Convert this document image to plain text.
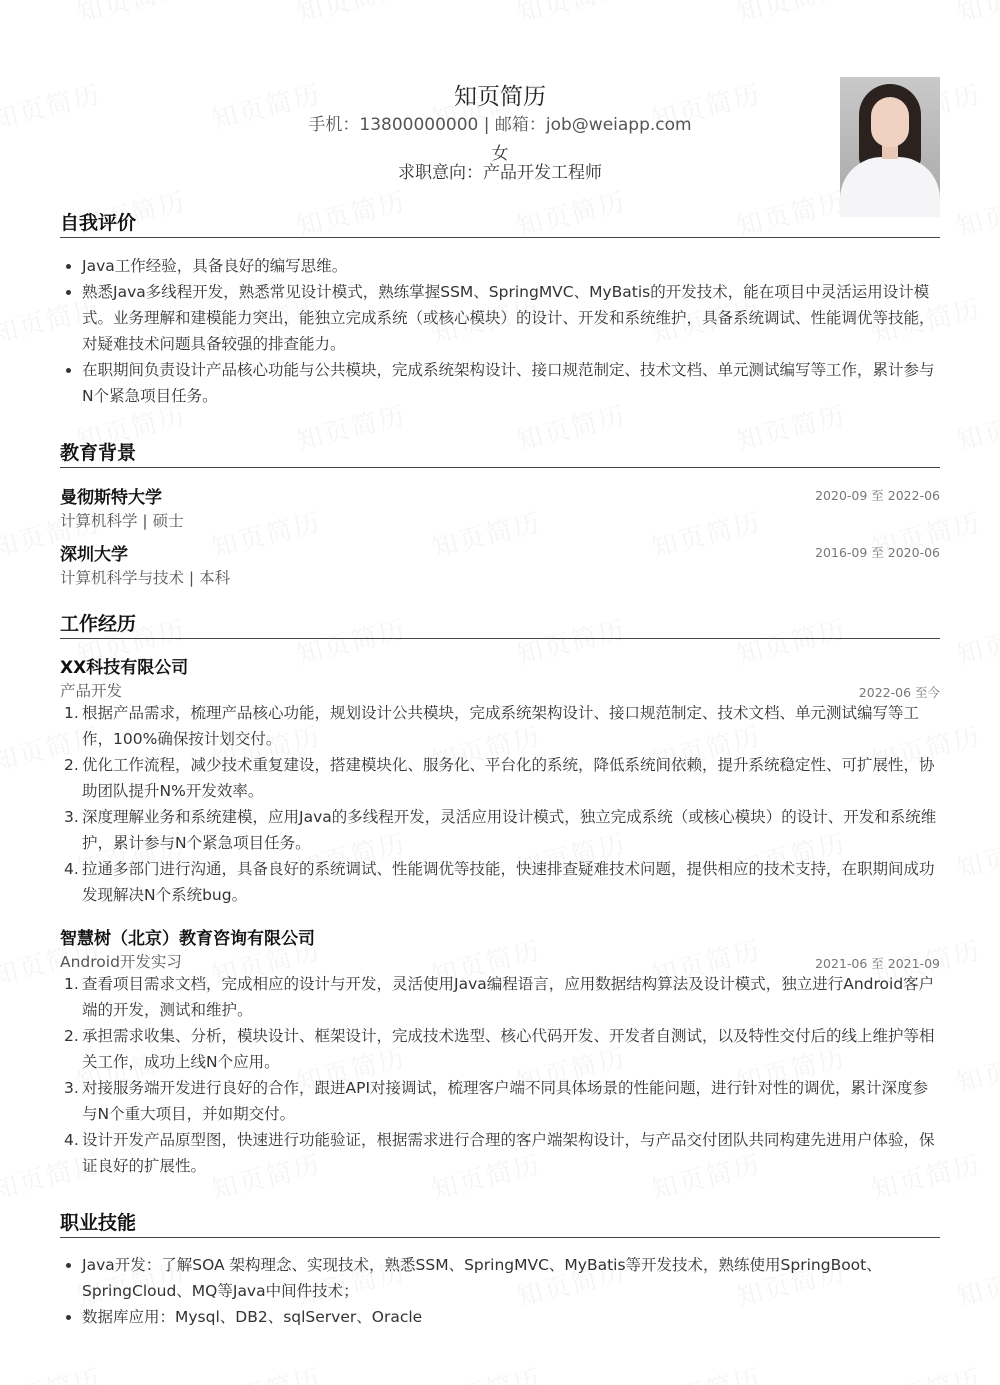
知页简历
手机：13800000000 | 邮箱：job@weiapp.com
女
求职意向：产品开发工程师
自我评价
Java工作经验，具备良好的编写思维。
熟悉Java多线程开发，熟悉常见设计模式，熟练掌握SSM、SpringMVC、MyBatis的开发技术，能在项目中灵活运用设计模式。业务理解和建模能力突出，能独立完成系统（或核心模块）的设计、开发和系统维护，具备系统调试、性能调优等技能，对疑难技术问题具备较强的排查能力。
在职期间负责设计产品核心功能与公共模块，完成系统架构设计、接口规范制定、技术文档、单元测试编写等工作，累计参与N个紧急项目任务。
教育背景
曼彻斯特大学	2020-09 至 2022-06
计算机科学 | 硕士
深圳大学	2016-09 至 2020-06
计算机科学与技术 | 本科
工作经历
XX科技有限公司
产品开发	2022-06 至今
1. 根据产品需求，梳理产品核心功能，规划设计公共模块，完成系统架构设计、接口规范制定、技术文档、单元测试编写等工作，100%确保按计划交付。
2. 优化工作流程，减少技术重复建设，搭建模块化、服务化、平台化的系统，降低系统间依赖，提升系统稳定性、可扩展性，协助团队提升N%开发效率。
3. 深度理解业务和系统建模，应用Java的多线程开发，灵活应用设计模式，独立完成系统（或核心模块）的设计、开发和系统维护，累计参与N个紧急项目任务。
4. 拉通多部门进行沟通，具备良好的系统调试、性能调优等技能，快速排查疑难技术问题，提供相应的技术支持，在职期间成功发现解决N个系统bug。
智慧树（北京）教育咨询有限公司
Android开发实习	2021-06 至 2021-09
1. 查看项目需求文档，完成相应的设计与开发，灵活使用Java编程语言，应用数据结构算法及设计模式，独立进行Android客户端的开发，测试和维护。
2. 承担需求收集、分析，模块设计、框架设计，完成技术选型、核心代码开发、开发者自测试，以及特性交付后的线上维护等相关工作，成功上线N个应用。
3. 对接服务端开发进行良好的合作，跟进API对接调试，梳理客户端不同具体场景的性能问题，进行针对性的调优，累计深度参与N个重大项目，并如期交付。
4. 设计开发产品原型图，快速进行功能验证，根据需求进行合理的客户端架构设计，与产品交付团队共同构建先进用户体验，保证良好的扩展性。
职业技能
Java开发：了解SOA 架构理念、实现技术，熟悉SSM、SpringMVC、MyBatis等开发技术，熟练使用SpringBoot、SpringCloud、MQ等Java中间件技术；
数据库应用：Mysql、DB2、sqlServer、Oracle
